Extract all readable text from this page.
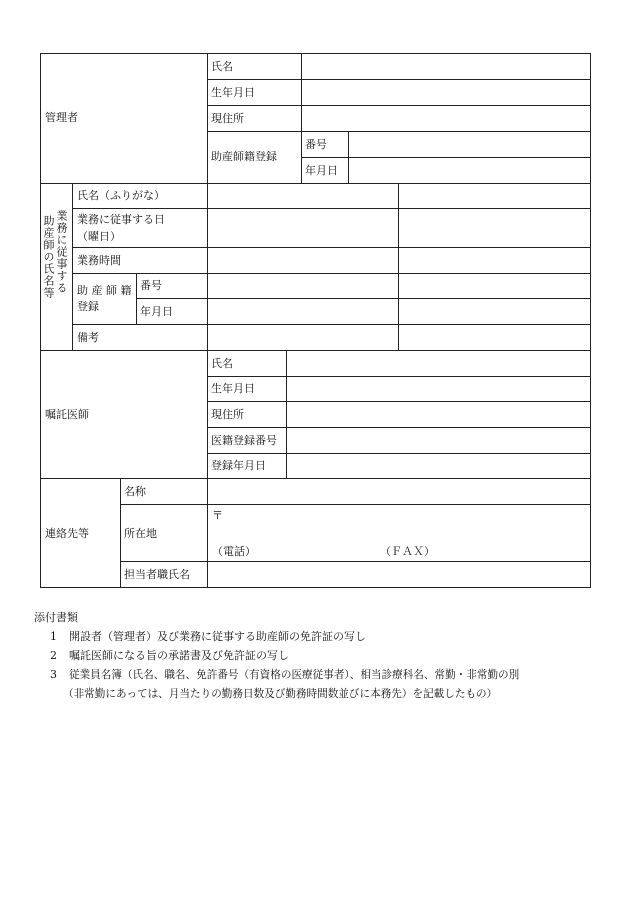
管理者
氏名
生年月日
現住所
助産師籍登録
番号
年月日
業務に従事する
助産師の氏名等
氏名（ふりがな）
業務に従事する日
（曜日）
業務時間
助 産 師 籍
登録
番号
年月日
備考
嘱託医師
氏名
生年月日
現住所
医籍登録番号
登録年月日
連絡先等
名称
所在地
〒
（電話）	（ＦＡＸ）
担当者職氏名
添付書類
1 開設者（管理者）及び業務に従事する助産師の免許証の写し
2 嘱託医師になる旨の承諾書及び免許証の写し
3 従業員名簿（氏名、職名、免許番号（有資格の医療従事者）、相当診療科名、常勤・非常勤の別
（非常勤にあっては、月当たりの勤務日数及び勤務時間数並びに本務先）を記載したもの）
